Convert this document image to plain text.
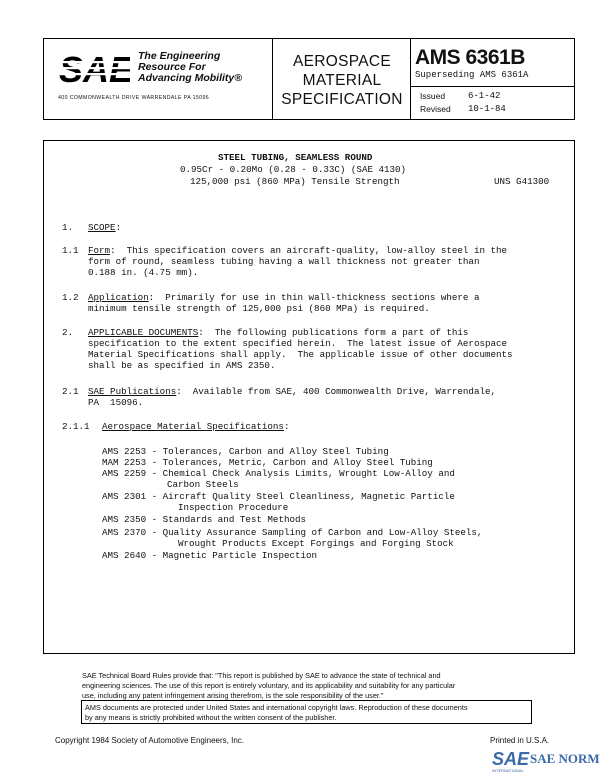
The Engineering
Resource For
Advancing Mobility®
400 COMMONWEALTH DRIVE WARRENDALE PA 15096
AEROSPACE
MATERIAL
SPECIFICATION
AMS 6361B
Superseding AMS 6361A
Issued	6-1-42
Revised 10-1-84
STEEL TUBING, SEAMLESS ROUND
0.95Cr - 0.20Mo (0.28 - 0.33C) (SAE 4130)
125,000 psi (860 MPa) Tensile Strength	UNS G41300
1. SCOPE:
1.1 Form:  This specification covers an aircraft-quality, low-alloy steel in the
form of round, seamless tubing having a wall thickness not greater than
0.188 in. (4.75 mm).
1.2 Application:  Primarily for use in thin wall-thickness sections where a
minimum tensile strength of 125,000 psi (860 MPa) is required.
2. APPLICABLE DOCUMENTS:  The following publications form a part of this
specification to the extent specified herein.  The latest issue of Aerospace
Material Specifications shall apply.  The applicable issue of other documents
shall be as specified in AMS 2350.
2.1 SAE Publications:  Available from SAE, 400 Commonwealth Drive, Warrendale,
PA  15096.
2.1.1 Aerospace Material Specifications:
AMS 2253 - Tolerances, Carbon and Alloy Steel Tubing
MAM 2253 - Tolerances, Metric, Carbon and Alloy Steel Tubing
AMS 2259 - Chemical Check Analysis Limits, Wrought Low-Alloy and
Carbon Steels
AMS 2301 - Aircraft Quality Steel Cleanliness, Magnetic Particle
Inspection Procedure
AMS 2350 - Standards and Test Methods
AMS 2370 - Quality Assurance Sampling of Carbon and Low-Alloy Steels,
Wrought Products Except Forgings and Forging Stock
AMS 2640 - Magnetic Particle Inspection
SAE Technical Board Rules provide that: "This report is published by SAE to advance the state of technical and
engineering sciences. The use of this report is entirely voluntary, and its applicability and suitability for any particular
use, including any patent infringement arising therefrom, is the sole responsibility of the user."
AMS documents are protected under United States and international copyright laws. Reproduction of these documents
by any means is strictly prohibited without the written consent of the publisher.
Copyright 1984 Society of Automotive Engineers, Inc.	Printed in U.S.A.
SAE SAE NORM
INTERNATIONAL
